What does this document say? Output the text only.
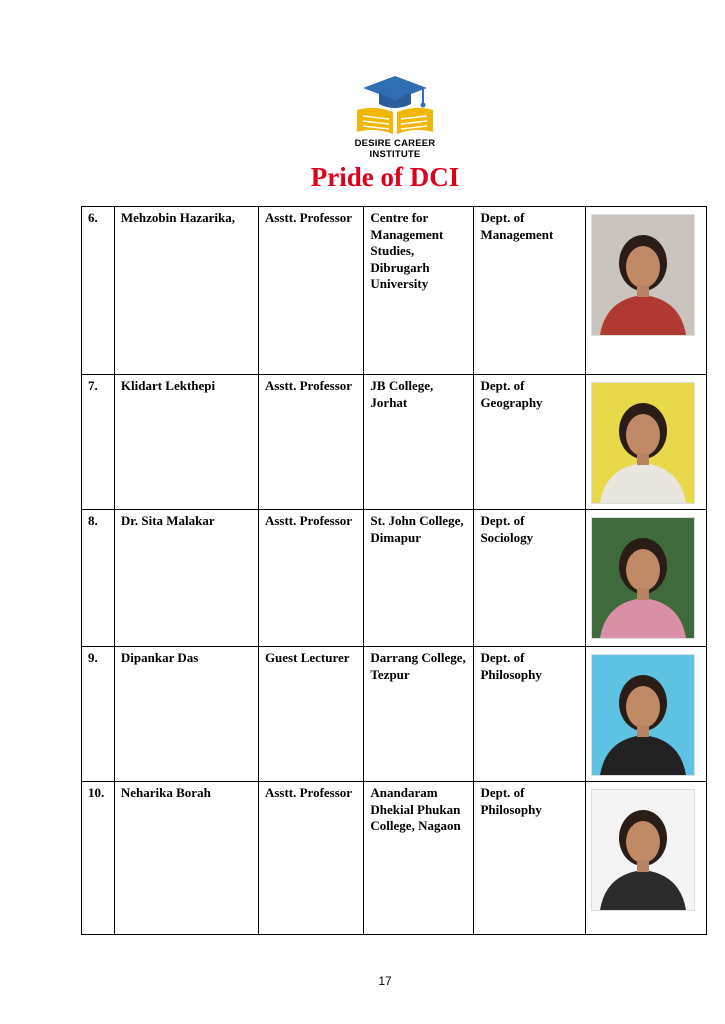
DESIRE CAREER INSTITUTE
Pride of DCI
6.	Mehzobin Hazarika,	Asstt. Professor	Centre for Management Studies, Dibrugarh University	Dept. of Management	

7.	Klidart Lekthepi	Asstt. Professor	JB College, Jorhat	Dept. of Geography	

8.	Dr. Sita Malakar	Asstt. Professor	St. John College, Dimapur	Dept. of Sociology	

9.	Dipankar Das	Guest Lecturer	Darrang College, Tezpur	Dept. of Philosophy	

10.	Neharika Borah	Asstt. Professor	Anandaram Dhekial Phukan College, Nagaon	Dept. of Philosophy	
17
